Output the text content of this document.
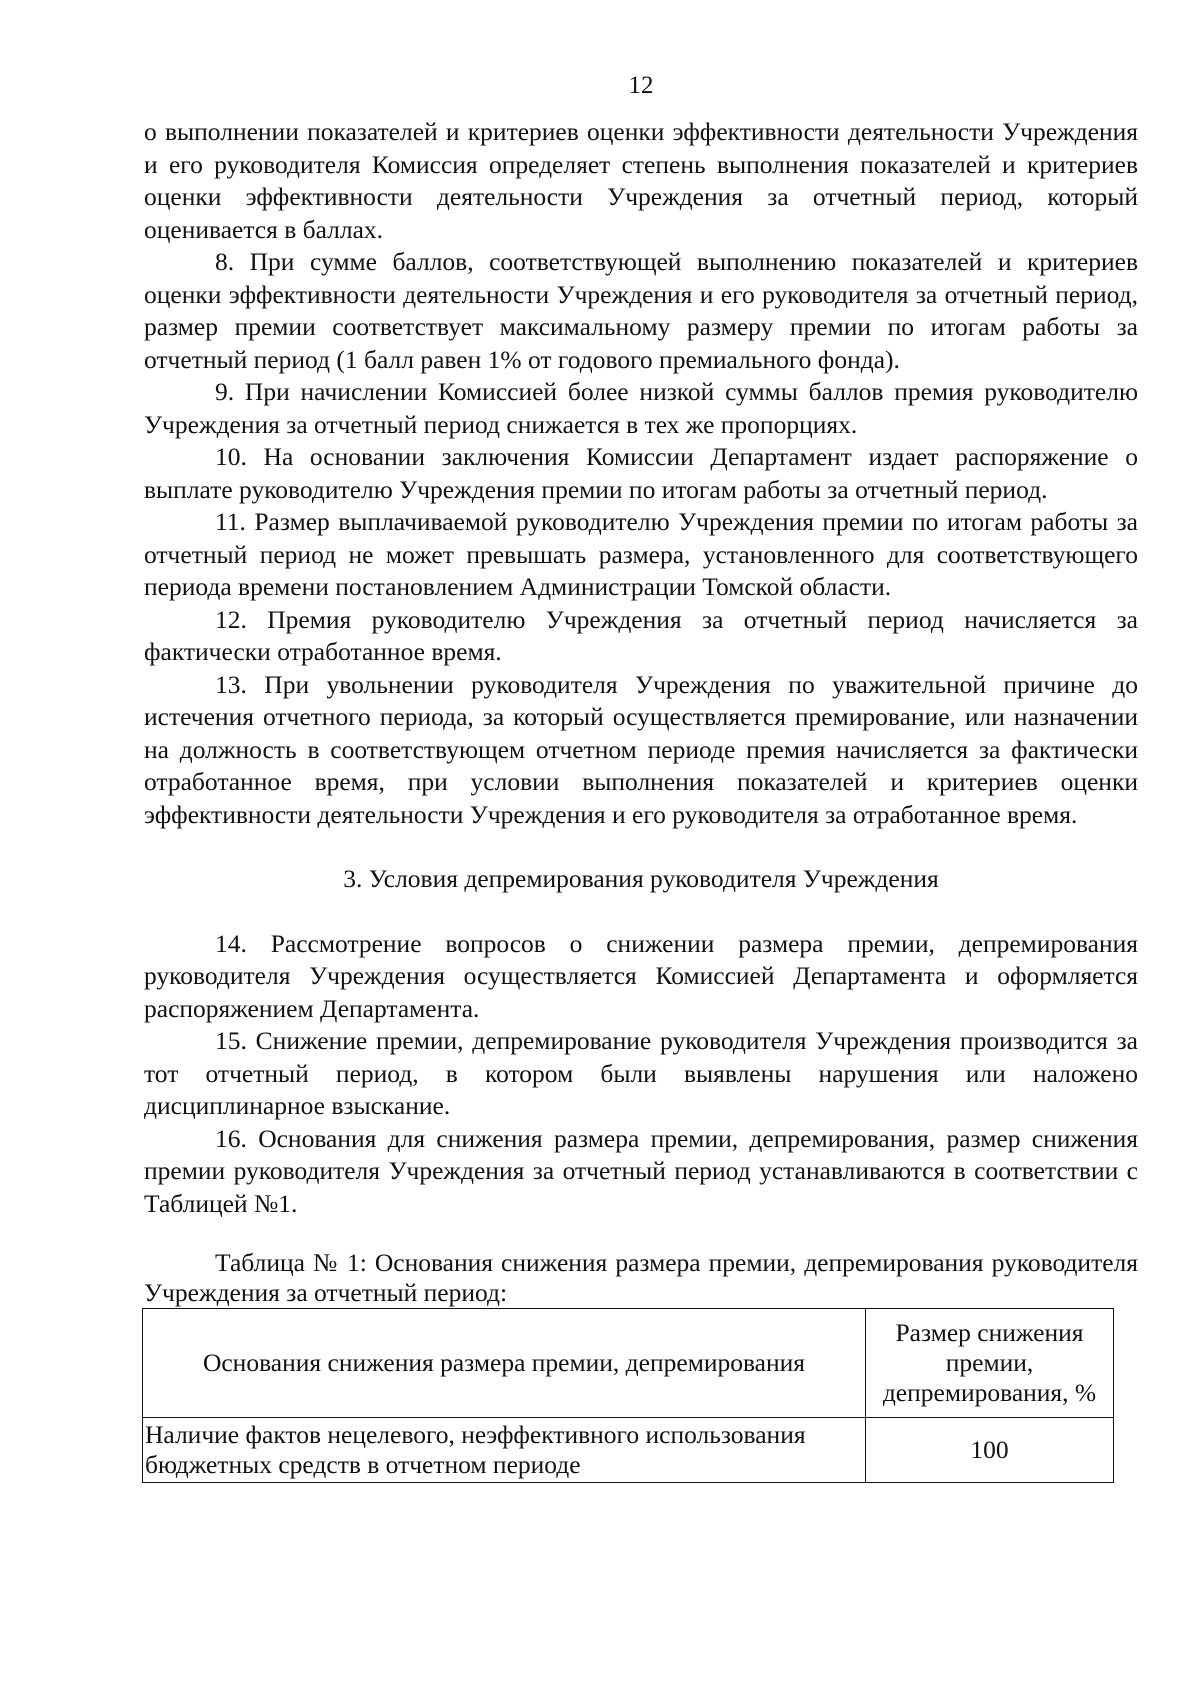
12

о выполнении показателей и критериев оценки эффективности деятельности Учреждения и его руководителя Комиссия определяет степень выполнения показателей и критериев оценки эффективности деятельности Учреждения за отчетный период, который оценивается в баллах.

8. При сумме баллов, соответствующей выполнению показателей и критериев оценки эффективности деятельности Учреждения и его руководителя за отчетный период, размер премии соответствует максимальному размеру премии по итогам работы за отчетный период (1 балл равен 1% от годового премиального фонда).

9. При начислении Комиссией более низкой суммы баллов премия руководителю Учреждения за отчетный период снижается в тех же пропорциях.

10. На основании заключения Комиссии Департамент издает распоряжение о выплате руководителю Учреждения премии по итогам работы за отчетный период.

11. Размер выплачиваемой руководителю Учреждения премии по итогам работы за отчетный период не может превышать размера, установленного для соответствующего периода времени постановлением Администрации Томской области.

12. Премия руководителю Учреждения за отчетный период начисляется за фактически отработанное время.

13. При увольнении руководителя Учреждения по уважительной причине до истечения отчетного периода, за который осуществляется премирование, или назначении на должность в соответствующем отчетном периоде премия начисляется за фактически отработанное время, при условии выполнения показателей и критериев оценки эффективности деятельности Учреждения и его руководителя за отработанное время.

3. Условия депремирования руководителя Учреждения

14. Рассмотрение вопросов о снижении размера премии, депремирования руководителя Учреждения осуществляется Комиссией Департамента и оформляется распоряжением Департамента.

15. Снижение премии, депремирование руководителя Учреждения производится за тот отчетный период, в котором были выявлены нарушения или наложено дисциплинарное взыскание.

16. Основания для снижения размера премии, депремирования, размер снижения премии руководителя Учреждения за отчетный период устанавливаются в соответствии с Таблицей №1.

Таблица № 1: Основания снижения размера премии, депремирования руководителя Учреждения за отчетный период:

Основания снижения размера премии, депремирования	Размер снижения премии, депремирования, %
Наличие фактов нецелевого, неэффективного использования бюджетных средств в отчетном периоде	100
